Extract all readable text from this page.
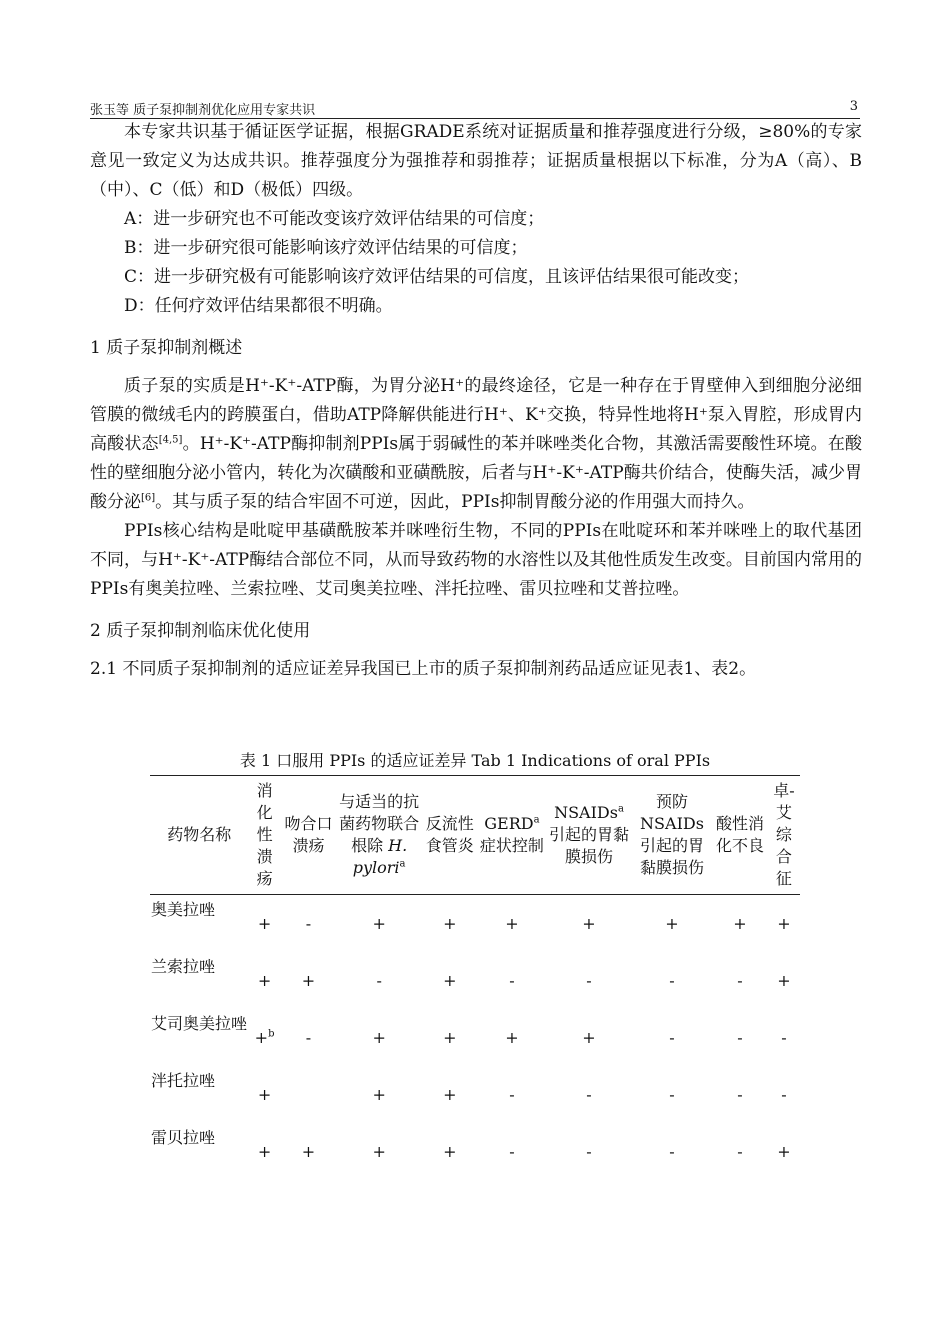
张玉等 质子泵抑制剂优化应用专家共识	3

本专家共识基于循证医学证据，根据GRADE系统对证据质量和推荐强度进行分级，≥80%的专家意见一致定义为达成共识。推荐强度分为强推荐和弱推荐；证据质量根据以下标准，分为A（高）、B（中）、C（低）和D（极低）四级。

A：进一步研究也不可能改变该疗效评估结果的可信度；

B：进一步研究很可能影响该疗效评估结果的可信度；

C：进一步研究极有可能影响该疗效评估结果的可信度，且该评估结果很可能改变；

D：任何疗效评估结果都很不明确。

1 质子泵抑制剂概述

质子泵的实质是H⁺-K⁺-ATP酶，为胃分泌H⁺的最终途径，它是一种存在于胃壁伸入到细胞分泌细管膜的微绒毛内的跨膜蛋白，借助ATP降解供能进行H⁺、K⁺交换，特异性地将H⁺泵入胃腔，形成胃内高酸状态[4,5]。H⁺-K⁺-ATP酶抑制剂PPIs属于弱碱性的苯并咪唑类化合物，其激活需要酸性环境。在酸性的壁细胞分泌小管内，转化为次磺酸和亚磺酰胺，后者与H⁺-K⁺-ATP酶共价结合，使酶失活，减少胃酸分泌[6]。其与质子泵的结合牢固不可逆，因此，PPIs抑制胃酸分泌的作用强大而持久。

PPIs核心结构是吡啶甲基磺酰胺苯并咪唑衍生物，不同的PPIs在吡啶环和苯并咪唑上的取代基团不同，与H⁺-K⁺-ATP酶结合部位不同，从而导致药物的水溶性以及其他性质发生改变。目前国内常用的PPIs有奥美拉唑、兰索拉唑、艾司奥美拉唑、泮托拉唑、雷贝拉唑和艾普拉唑。

2 质子泵抑制剂临床优化使用

2.1 不同质子泵抑制剂的适应证差异我国已上市的质子泵抑制剂药品适应证见表1、表2。

表 1 口服用 PPIs 的适应证差异 Tab 1 Indications of oral PPIs
药物名称	消化性溃疡	吻合口溃疡	与适当的抗菌药物联合根除 H. pylori$^a$	反流性食管炎	GERD$^a$症状控制	NSAIDs$^a$引起的胃黏膜损伤	预防NSAIDs引起的胃黏膜损伤	酸性消化不良	卓-艾综合征
奥美拉唑	+	-	+	+	+	+	+	+	+
兰索拉唑	+	+	-	+	-	-	-	-	+
艾司奥美拉唑	+$^b$	-	+	+	+	+	-	-	-
泮托拉唑	+		+	+	-	-	-	-	-
雷贝拉唑	+	+	+	+	-	-	-	-	+
